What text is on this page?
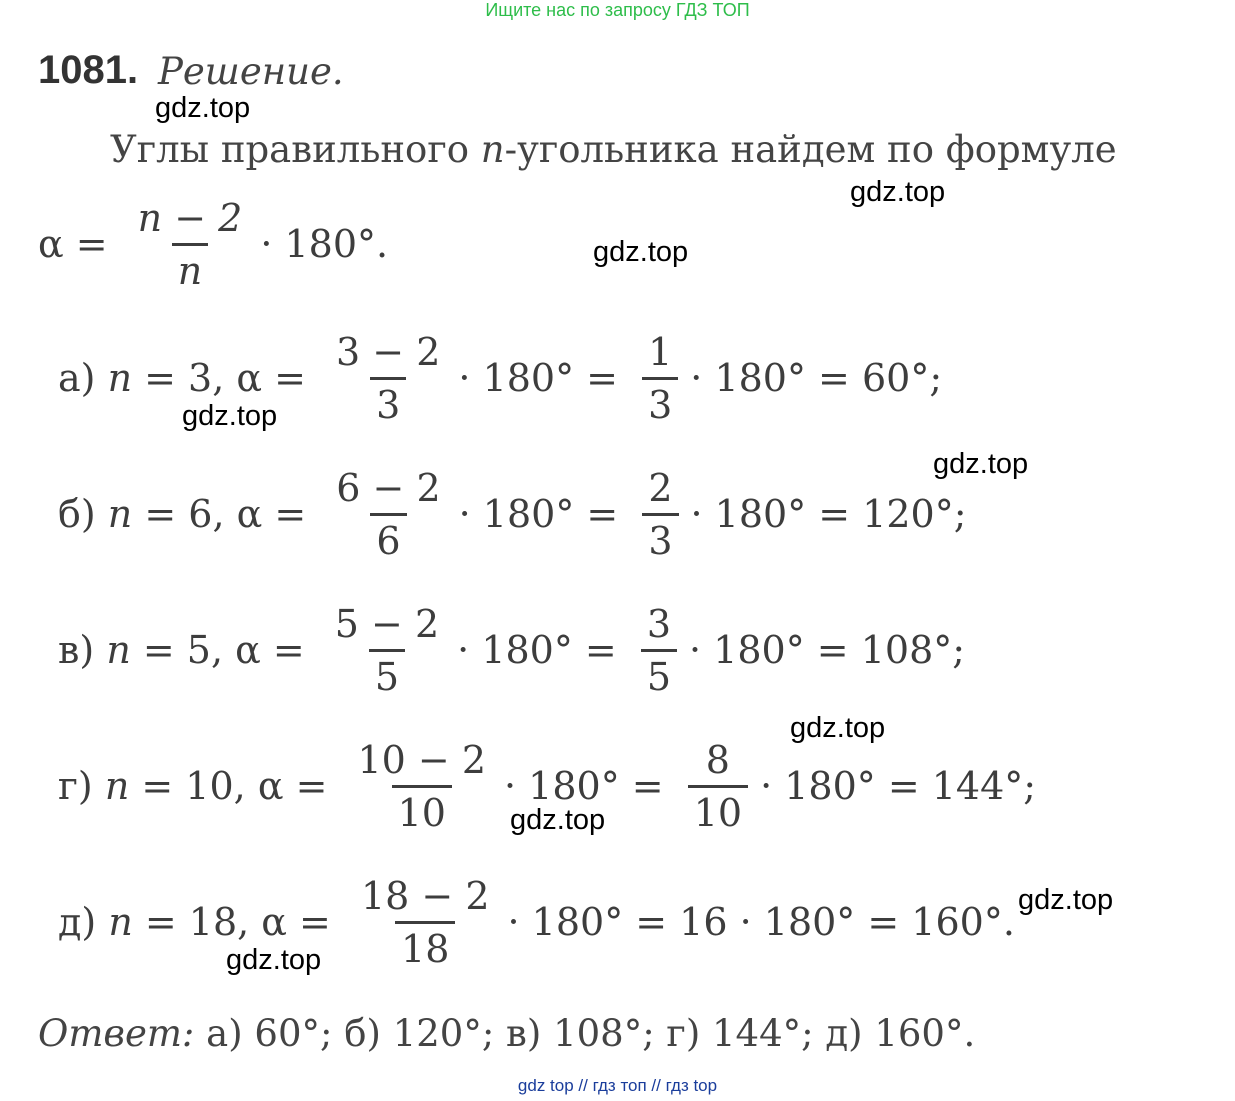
Ищите нас по запросу ГДЗ ТОП
1081. Решение.
Углы правильного n-угольника найдем по формуле
$\alpha = \frac{n - 2}{n} \cdot 180^\circ$.
а) n = 3, $\alpha = \frac{3 - 2}{3} \cdot 180^\circ = \frac{1}{3} \cdot 180^\circ = 60^\circ$;
б) n = 6, $\alpha = \frac{6 - 2}{6} \cdot 180^\circ = \frac{2}{3} \cdot 180^\circ = 120^\circ$;
в) n = 5, $\alpha = \frac{5 - 2}{5} \cdot 180^\circ = \frac{3}{5} \cdot 180^\circ = 108^\circ$;
г) n = 10, $\alpha = \frac{10 - 2}{10} \cdot 180^\circ = \frac{8}{10} \cdot 180^\circ = 144^\circ$;
д) n = 18, $\alpha = \frac{18 - 2}{18} \cdot 180^\circ = 16 \cdot 180^\circ = 160^\circ$.
Ответ: а) 60°; б) 120°; в) 108°; г) 144°; д) 160°.
gdz.top
gdz.top
gdz.top
gdz.top
gdz.top
gdz.top
gdz.top
gdz.top
gdz.top
gdz top // гдз топ // гдз top
